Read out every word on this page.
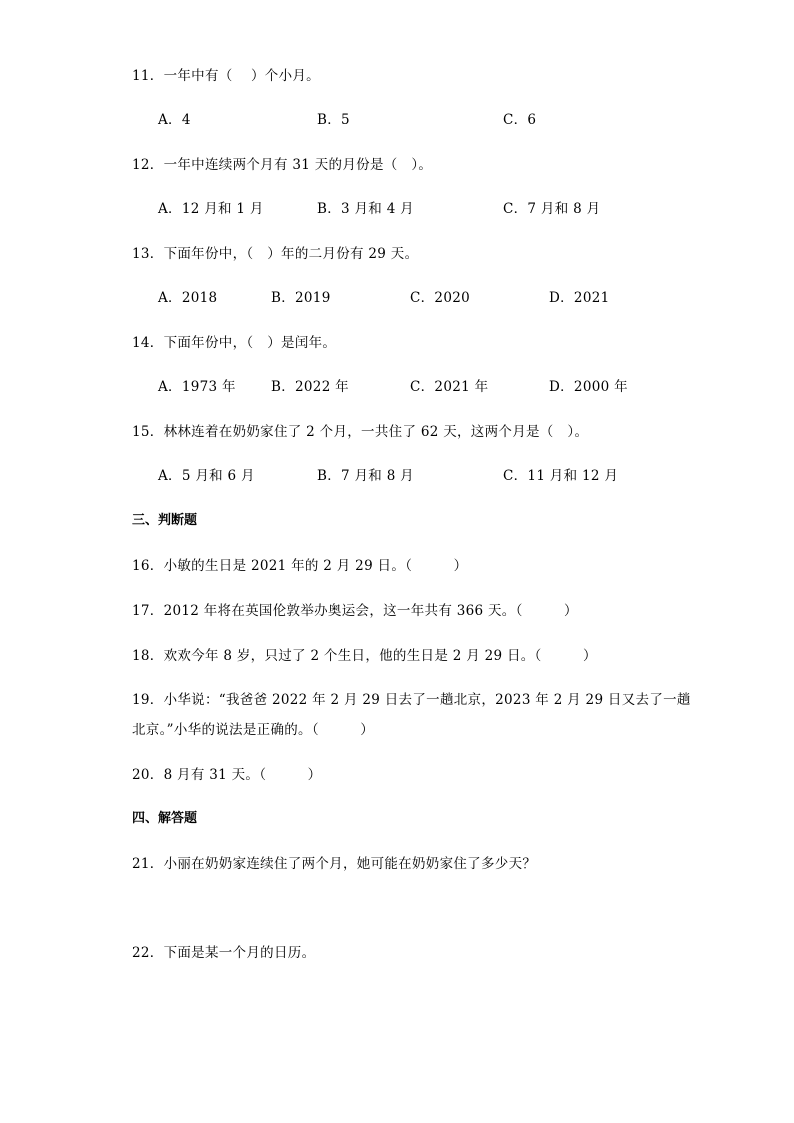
11．一年中有（　 ）个小月。
A．4	B．5	C．6
12．一年中连续两个月有 31 天的月份是（　）。
A．12 月和 1 月	B．3 月和 4 月	C．7 月和 8 月
13．下面年份中，（　）年的二月份有 29 天。
A．2018	B．2019	C．2020	D．2021
14．下面年份中，（　）是闰年。
A．1973 年	B．2022 年	C．2021 年	D．2000 年
15．林林连着在奶奶家住了 2 个月，一共住了 62 天，这两个月是（　）。
A．5 月和 6 月	B．7 月和 8 月	C．11 月和 12 月
三、判断题
16．小敏的生日是 2021 年的 2 月 29 日。（　　　）
17．2012 年将在英国伦敦举办奥运会，这一年共有 366 天。（　　　）
18．欢欢今年 8 岁，只过了 2 个生日，他的生日是 2 月 29 日。（　　　）
19．小华说：“我爸爸 2022 年 2 月 29 日去了一趟北京，2023 年 2 月 29 日又去了一趟
北京。”小华的说法是正确的。（　　　）
20．8 月有 31 天。（　　　）
四、解答题
21．小丽在奶奶家连续住了两个月，她可能在奶奶家住了多少天？
22．下面是某一个月的日历。
